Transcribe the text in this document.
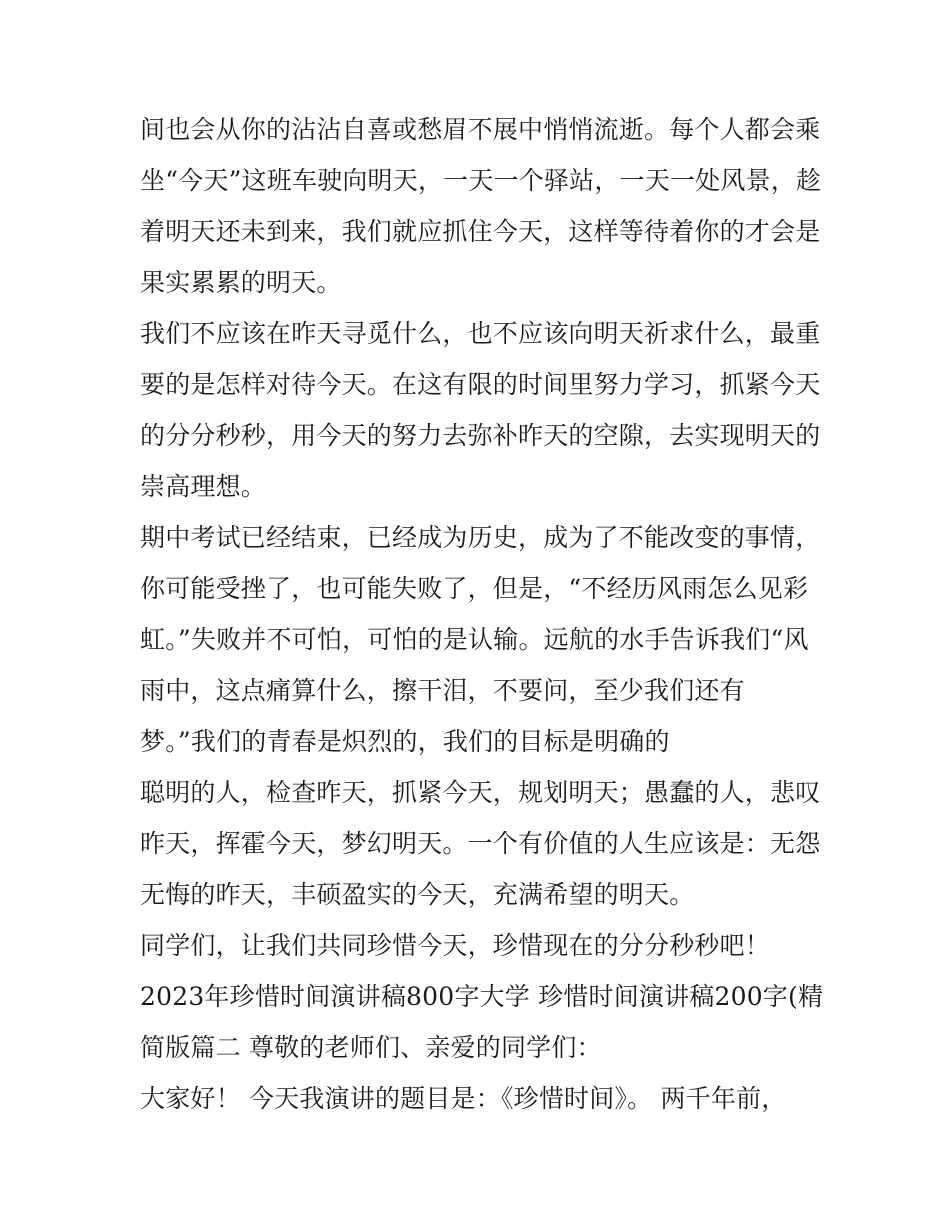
间也会从你的沾沾自喜或愁眉不展中悄悄流逝。每个人都会乘
坐“今天”这班车驶向明天，一天一个驿站，一天一处风景，趁
着明天还未到来，我们就应抓住今天，这样等待着你的才会是
果实累累的明天。
我们不应该在昨天寻觅什么，也不应该向明天祈求什么，最重
要的是怎样对待今天。在这有限的时间里努力学习，抓紧今天
的分分秒秒，用今天的努力去弥补昨天的空隙，去实现明天的
崇高理想。
期中考试已经结束，已经成为历史，成为了不能改变的事情，
你可能受挫了，也可能失败了，但是，“不经历风雨怎么见彩
虹。”失败并不可怕，可怕的是认输。远航的水手告诉我们“风
雨中，这点痛算什么，擦干泪，不要问，至少我们还有
梦。”我们的青春是炽烈的，我们的目标是明确的
聪明的人，检查昨天，抓紧今天，规划明天；愚蠢的人，悲叹
昨天，挥霍今天，梦幻明天。一个有价值的人生应该是：无怨
无悔的昨天，丰硕盈实的今天，充满希望的明天。
同学们，让我们共同珍惜今天，珍惜现在的分分秒秒吧！
2023年珍惜时间演讲稿800字大学 珍惜时间演讲稿200字(精
简版篇二 尊敬的老师们、亲爱的同学们：
大家好！ 今天我演讲的题目是：《珍惜时间》。 两千年前，
